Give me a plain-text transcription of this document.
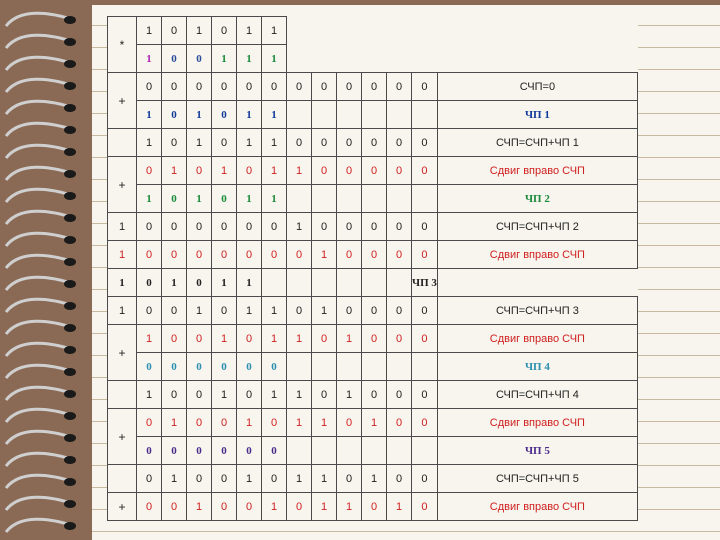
*	1	0	1	0	1	1							
	1	0	0	1	1	1							
+	0	0	0	0	0	0	0	0	0	0	0	0	СЧП=0
	1	0	1	0	1	1							ЧП 1
	1	0	1	0	1	1	0	0	0	0	0	0	СЧП=СЧП+ЧП 1
+	0	1	0	1	0	1	1	0	0	0	0	0	Сдвиг вправо СЧП
	1	0	1	0	1	1							ЧП 2
1	0	0	0	0	0	0	1	0	0	0	0	0	СЧП=СЧП+ЧП 2
1	0	0	0	0	0	0	0	1	0	0	0	0	Сдвиг вправо СЧП
1	0	1	0	1	1							ЧП 3	
1	0	0	1	0	1	1	0	1	0	0	0	0	СЧП=СЧП+ЧП 3
+	1	0	0	1	0	1	1	0	1	0	0	0	Сдвиг вправо СЧП
	0	0	0	0	0	0							ЧП 4
	1	0	0	1	0	1	1	0	1	0	0	0	СЧП=СЧП+ЧП 4
+	0	1	0	0	1	0	1	1	0	1	0	0	Сдвиг вправо СЧП
	0	0	0	0	0	0							ЧП 5
	0	1	0	0	1	0	1	1	0	1	0	0	СЧП=СЧП+ЧП 5
+	0	0	1	0	0	1	0	1	1	0	1	0	Сдвиг вправо СЧП
